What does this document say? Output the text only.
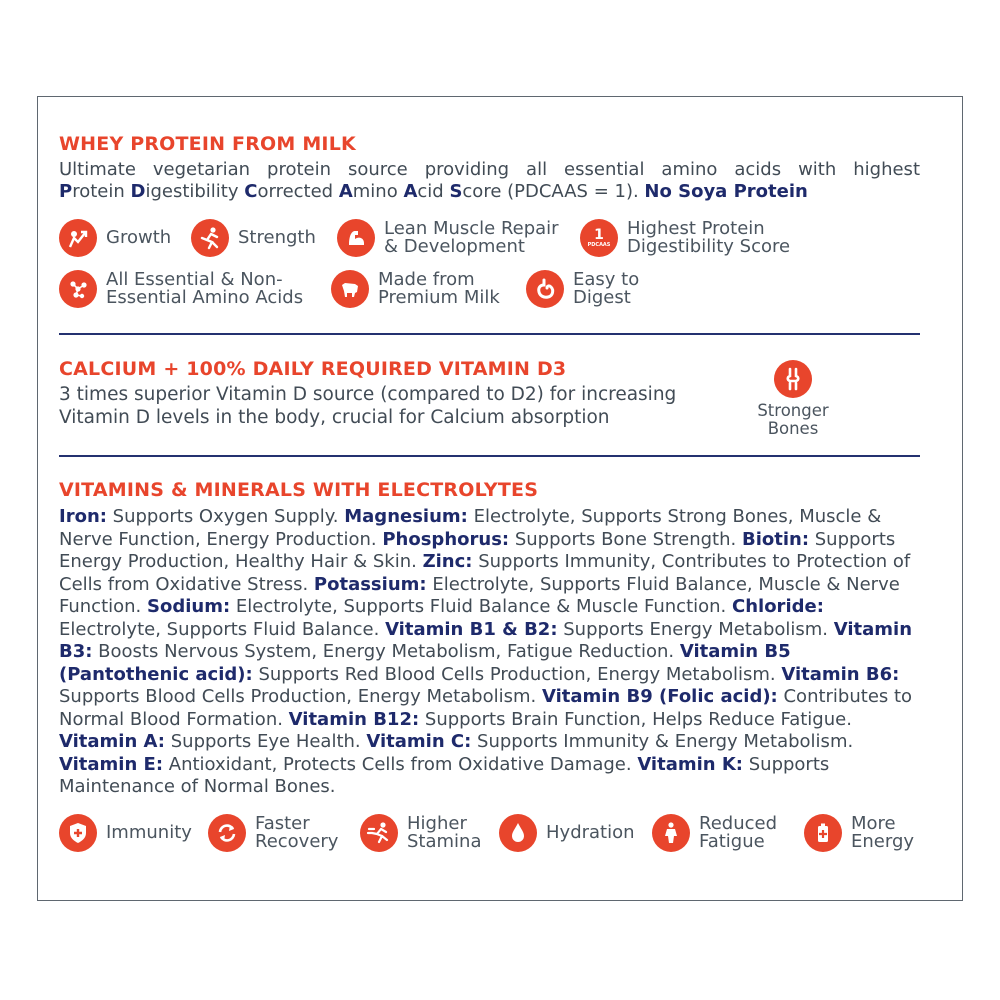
WHEY PROTEIN FROM MILK
Ultimate vegetarian protein source providing all essential amino acids with highest
Protein Digestibility Corrected Amino Acid Score (PDCAAS = 1). No Soya Protein
Growth	Strength	Lean Muscle Repair
& Development
1
PDCAAS
Highest Protein
Digestibility Score
All Essential & Non-
Essential Amino Acids
Made from
Premium Milk
Easy to
Digest
CALCIUM + 100% DAILY REQUIRED VITAMIN D3
3 times superior Vitamin D source (compared to D2) for increasing
Vitamin D levels in the body, crucial for Calcium absorption	Stronger
Bones
VITAMINS & MINERALS WITH ELECTROLYTES
Iron: Supports Oxygen Supply. Magnesium: Electrolyte, Supports Strong Bones, Muscle & Nerve Function, Energy Production. Phosphorus: Supports Bone Strength. Biotin: Supports Energy Production, Healthy Hair & Skin. Zinc: Supports Immunity, Contributes to Protection of Cells from Oxidative Stress. Potassium: Electrolyte, Supports Fluid Balance, Muscle & Nerve Function. Sodium: Electrolyte, Supports Fluid Balance & Muscle Function. Chloride: Electrolyte, Supports Fluid Balance. Vitamin B1 & B2: Supports Energy Metabolism. Vitamin B3: Boosts Nervous System, Energy Metabolism, Fatigue Reduction. Vitamin B5 (Pantothenic acid): Supports Red Blood Cells Production, Energy Metabolism. Vitamin B6: Supports Blood Cells Production, Energy Metabolism. Vitamin B9 (Folic acid): Contributes to Normal Blood Formation. Vitamin B12: Supports Brain Function, Helps Reduce Fatigue. Vitamin A: Supports Eye Health. Vitamin C: Supports Immunity & Energy Metabolism. Vitamin E: Antioxidant, Protects Cells from Oxidative Damage. Vitamin K: Supports Maintenance of Normal Bones.
Immunity	Faster
Recovery
Higher
Stamina	Hydration	Reduced
Fatigue
More
Energy
